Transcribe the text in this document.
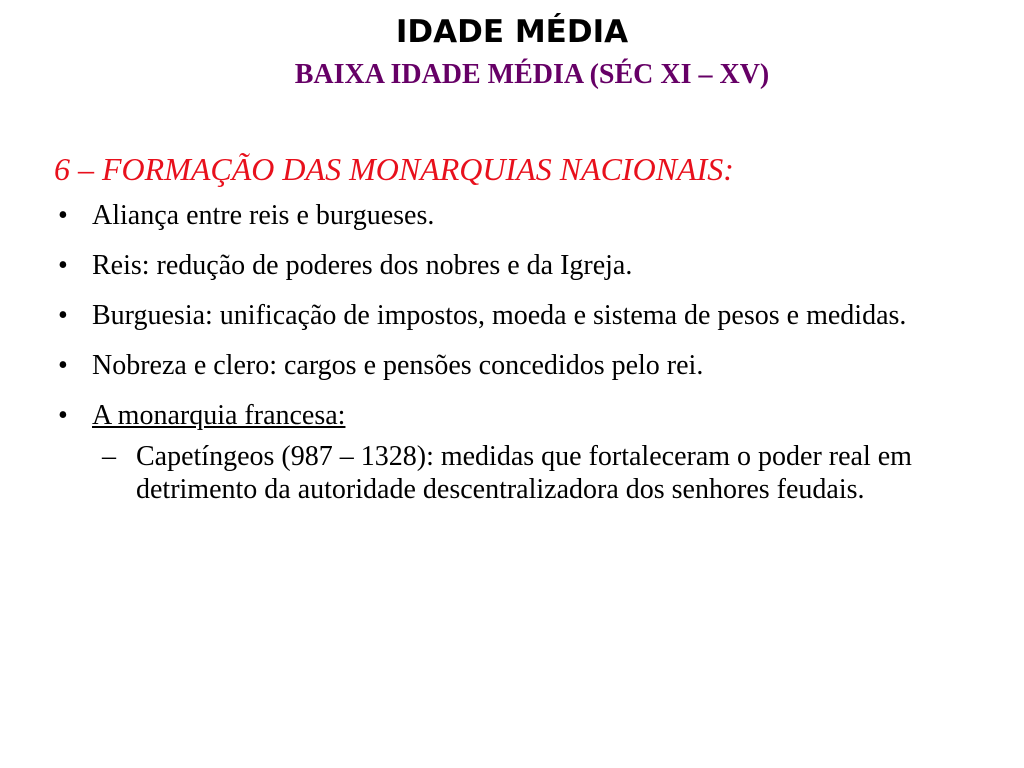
IDADE MÉDIA
BAIXA IDADE MÉDIA (SÉC XI – XV)
6 – FORMAÇÃO DAS MONARQUIAS NACIONAIS:
• Aliança entre reis e burgueses.
• Reis: redução de poderes dos nobres e da Igreja.
• Burguesia: unificação de impostos, moeda e sistema de pesos e medidas.
• Nobreza e clero: cargos e pensões concedidos pelo rei.
• A monarquia francesa:
– Capetíngeos (987 – 1328): medidas que fortaleceram o poder real em detrimento da autoridade descentralizadora dos senhores feudais.
